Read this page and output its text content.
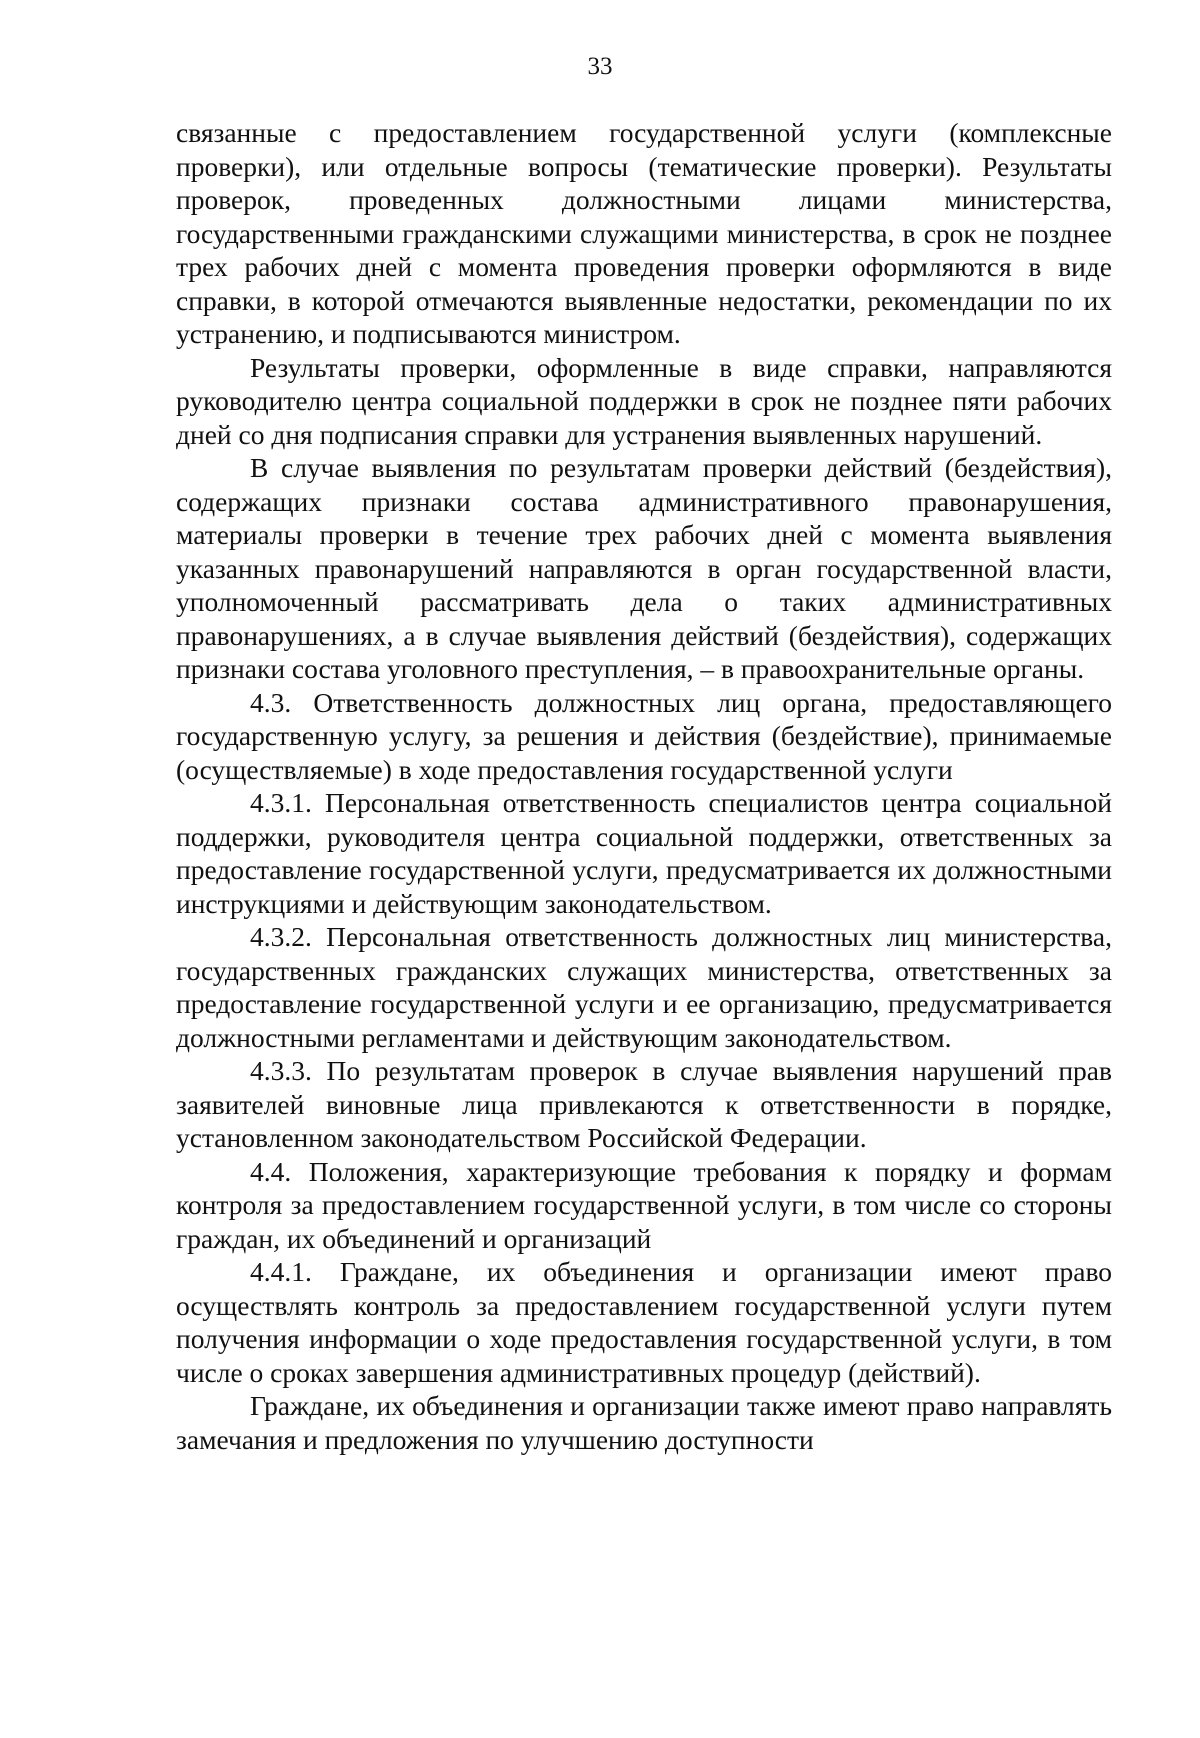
33

связанные с предоставлением государственной услуги (комплексные проверки), или отдельные вопросы (тематические проверки). Результаты проверок, проведенных должностными лицами министерства, государственными гражданскими служащими министерства, в срок не позднее трех рабочих дней с момента проведения проверки оформляются в виде справки, в которой отмечаются выявленные недостатки, рекомендации по их устранению, и подписываются министром.

Результаты проверки, оформленные в виде справки, направляются руководителю центра социальной поддержки в срок не позднее пяти рабочих дней со дня подписания справки для устранения выявленных нарушений.

В случае выявления по результатам проверки действий (бездействия), содержащих признаки состава административного правонарушения, материалы проверки в течение трех рабочих дней с момента выявления указанных правонарушений направляются в орган государственной власти, уполномоченный рассматривать дела о таких административных правонарушениях, а в случае выявления действий (бездействия), содержащих признаки состава уголовного преступления, – в правоохранительные органы.

4.3. Ответственность должностных лиц органа, предоставляющего государственную услугу, за решения и действия (бездействие), принимаемые (осуществляемые) в ходе предоставления государственной услуги

4.3.1. Персональная ответственность специалистов центра социальной поддержки, руководителя центра социальной поддержки, ответственных за предоставление государственной услуги, предусматривается их должностными инструкциями и действующим законодательством.

4.3.2. Персональная ответственность должностных лиц министерства, государственных гражданских служащих министерства, ответственных за предоставление государственной услуги и ее организацию, предусматривается должностными регламентами и действующим законодательством.

4.3.3. По результатам проверок в случае выявления нарушений прав заявителей виновные лица привлекаются к ответственности в порядке, установленном законодательством Российской Федерации.

4.4. Положения, характеризующие требования к порядку и формам контроля за предоставлением государственной услуги, в том числе со стороны граждан, их объединений и организаций

4.4.1. Граждане, их объединения и организации имеют право осуществлять контроль за предоставлением государственной услуги путем получения информации о ходе предоставления государственной услуги, в том числе о сроках завершения административных процедур (действий).

Граждане, их объединения и организации также имеют право направлять замечания и предложения по улучшению доступности
